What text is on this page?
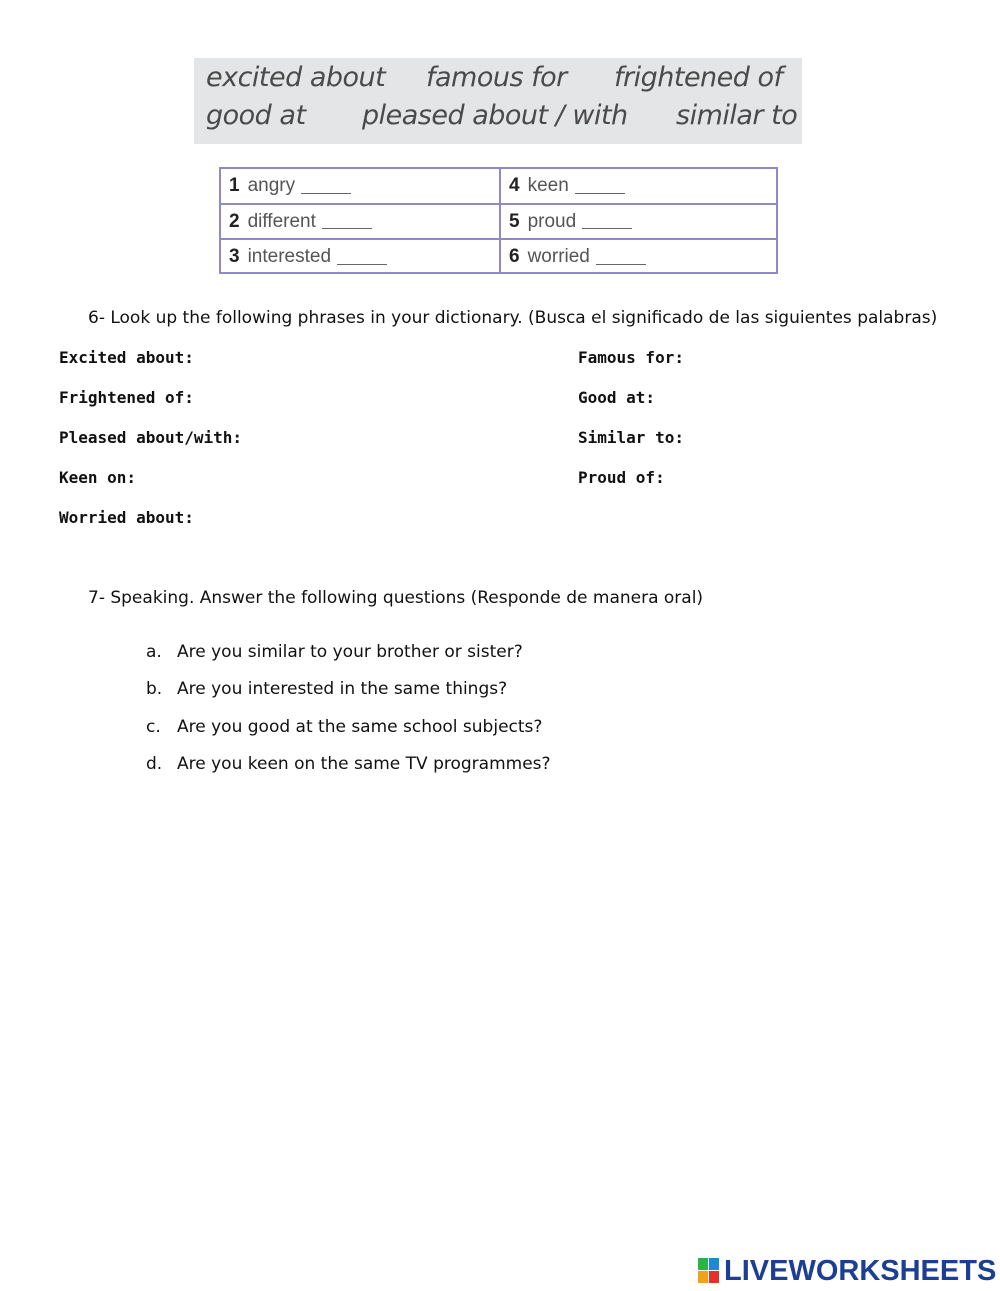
excited about famous for frightened of
good at pleased about / with similar to
1 angry	4 keen
2 different	5 proud
3 interested	6 worried
6- Look up the following phrases in your dictionary. (Busca el significado de las siguientes palabras)
Excited about:
Frightened of:
Pleased about/with:
Keen on:
Worried about:
Famous for:
Good at:
Similar to:
Proud of:
7- Speaking. Answer the following questions (Responde de manera oral)
a. Are you similar to your brother or sister?
b. Are you interested in the same things?
c. Are you good at the same school subjects?
d. Are you keen on the same TV programmes?
LIVEWORKSHEETS
